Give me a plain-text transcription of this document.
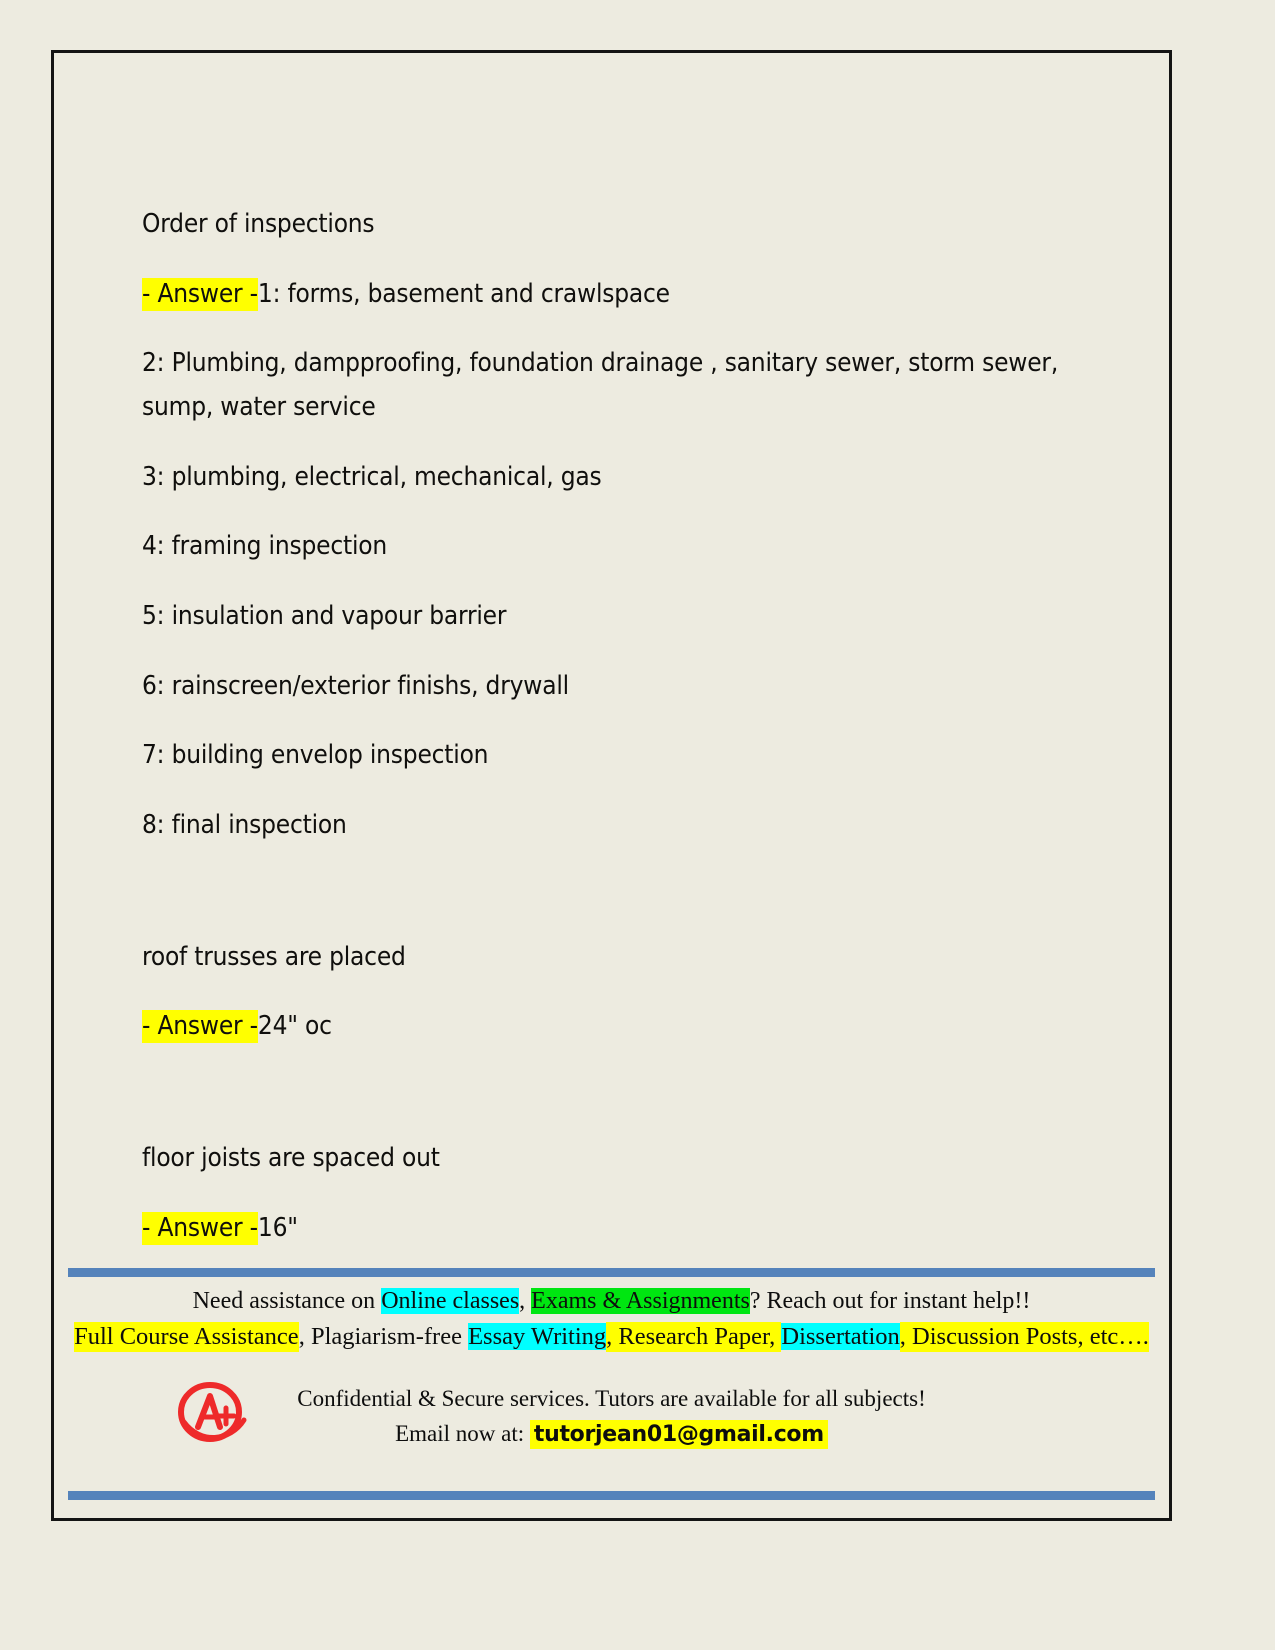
Order of inspections

- Answer -1: forms, basement and crawlspace

2: Plumbing, dampproofing, foundation drainage , sanitary sewer, storm sewer, sump, water service

3: plumbing, electrical, mechanical, gas

4: framing inspection

5: insulation and vapour barrier

6: rainscreen/exterior finishs, drywall

7: building envelop inspection

8: final inspection

roof trusses are placed

- Answer -24" oc

floor joists are spaced out

- Answer -16"

Need assistance on Online classes, Exams & Assignments? Reach out for instant help!!
Full Course Assistance, Plagiarism-free Essay Writing, Research Paper, Dissertation, Discussion Posts, etc….
Confidential & Secure services. Tutors are available for all subjects!
Email now at: tutorjean01@gmail.com
